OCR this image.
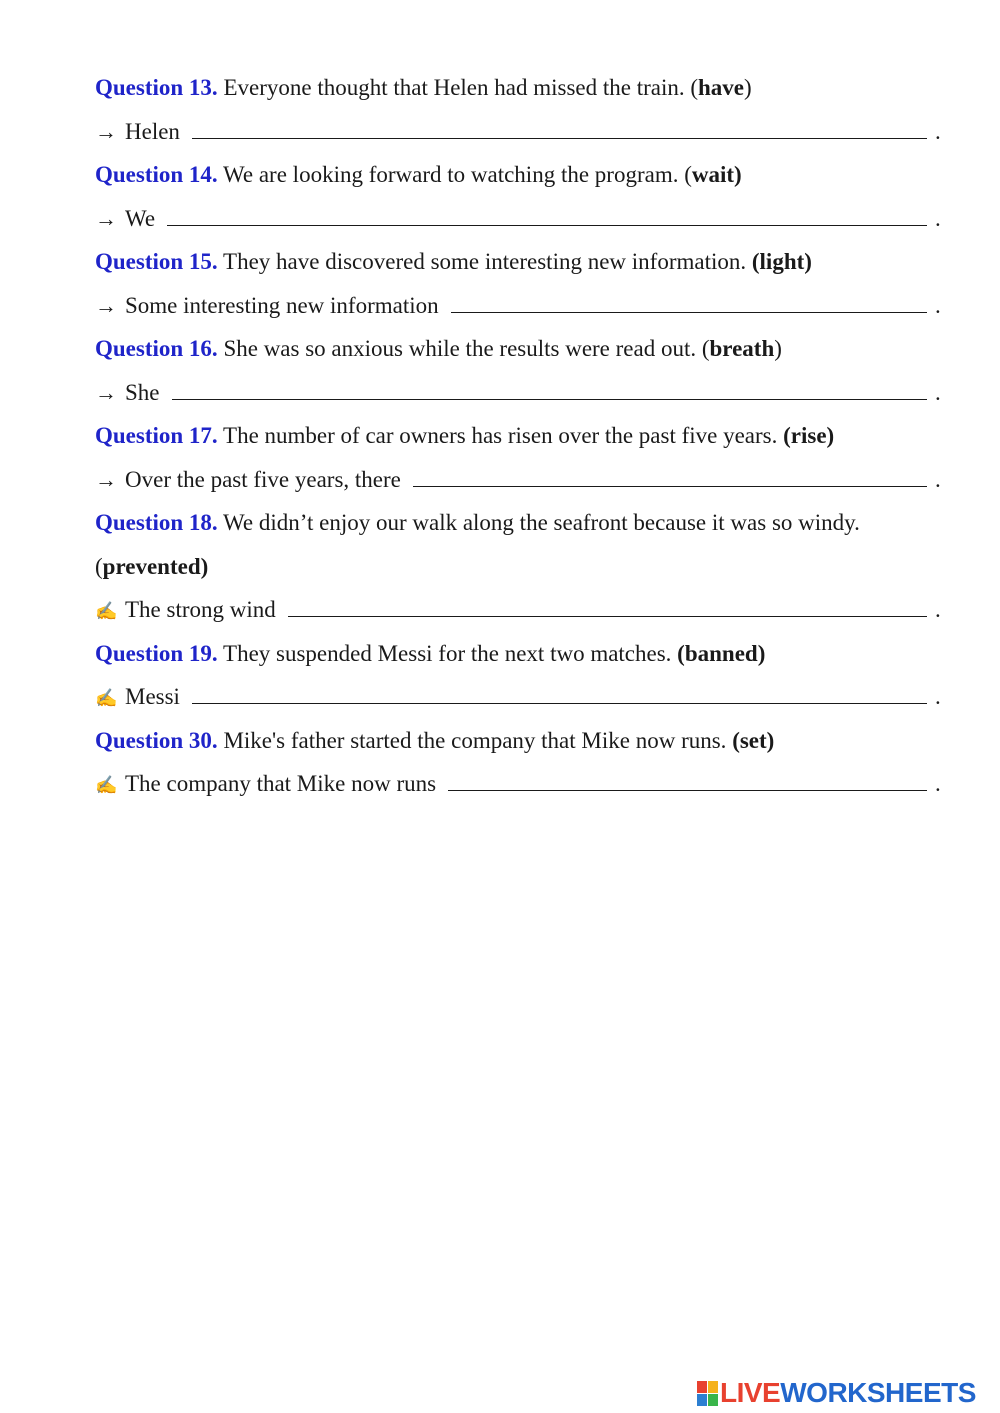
Question 13. Everyone thought that Helen had missed the train. (have)
→ Helen	.
Question 14. We are looking forward to watching the program. (wait)
→ We	.
Question 15. They have discovered some interesting new information. (light)
→ Some interesting new information	.
Question 16. She was so anxious while the results were read out. (breath)
→ She	.
Question 17. The number of car owners has risen over the past five years. (rise)
→ Over the past five years, there	.
Question 18. We didn’t enjoy our walk along the seafront because it was so windy.
(prevented)
✍ The strong wind	.
Question 19. They suspended Messi for the next two matches. (banned)
✍ Messi	.
Question 30. Mike's father started the company that Mike now runs. (set)
✍ The company that Mike now runs	.
LIVE WORKSHEETS
